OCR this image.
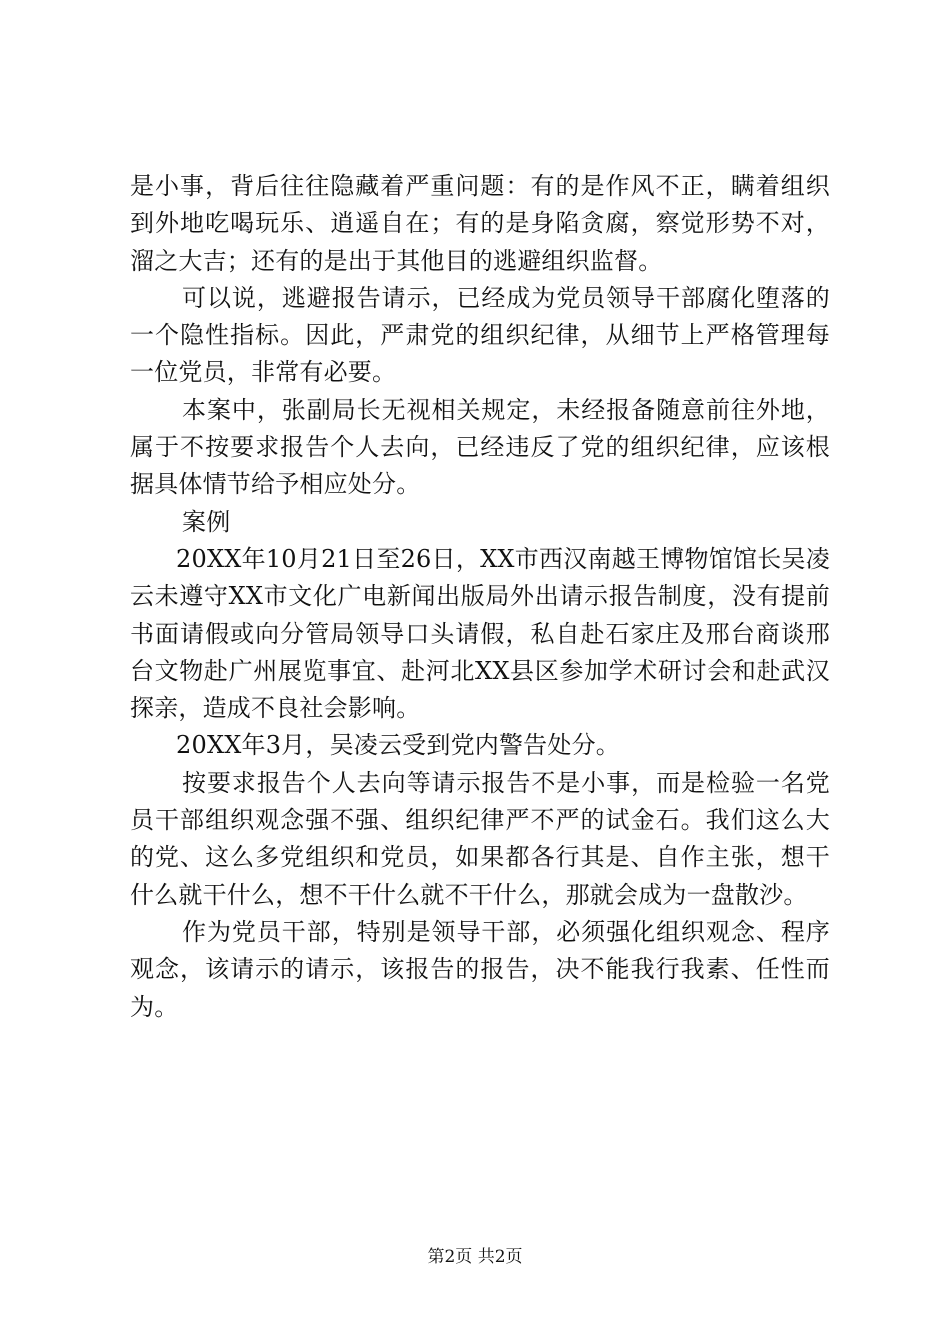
是小事，背后往往隐藏着严重问题：有的是作风不正，瞒着组织到外地吃喝玩乐、逍遥自在；有的是身陷贪腐，察觉形势不对，溜之大吉；还有的是出于其他目的逃避组织监督。

可以说，逃避报告请示，已经成为党员领导干部腐化堕落的一个隐性指标。因此，严肃党的组织纪律，从细节上严格管理每一位党员，非常有必要。

本案中，张副局长无视相关规定，未经报备随意前往外地，属于不按要求报告个人去向，已经违反了党的组织纪律，应该根据具体情节给予相应处分。

案例

20XX年10月21日至26日，XX市西汉南越王博物馆馆长吴凌云未遵守XX市文化广电新闻出版局外出请示报告制度，没有提前书面请假或向分管局领导口头请假，私自赴石家庄及邢台商谈邢台文物赴广州展览事宜、赴河北XX县区参加学术研讨会和赴武汉探亲，造成不良社会影响。

20XX年3月，吴凌云受到党内警告处分。

按要求报告个人去向等请示报告不是小事，而是检验一名党员干部组织观念强不强、组织纪律严不严的试金石。我们这么大的党、这么多党组织和党员，如果都各行其是、自作主张，想干什么就干什么，想不干什么就不干什么，那就会成为一盘散沙。

作为党员干部，特别是领导干部，必须强化组织观念、程序观念，该请示的请示，该报告的报告，决不能我行我素、任性而为。

第2页 共2页
